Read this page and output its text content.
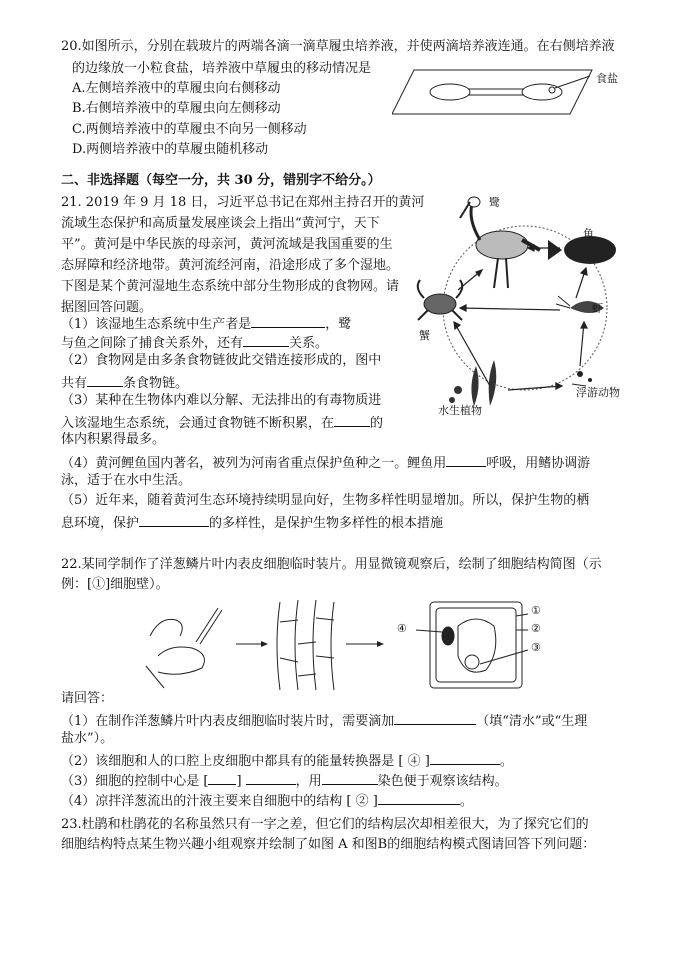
20.如图所示，分别在载玻片的两端各滴一滴草履虫培养液，并使两滴培养液连通。在右侧培养液
的边缘放一小粒食盐，培养液中草履虫的移动情况是
A.左侧培养液中的草履虫向右侧移动
B.右侧培养液中的草履虫向左侧移动
C.两侧培养液中的草履虫不向另一侧移动
D.两侧培养液中的草履虫随机移动
食盐
二、非选择题（每空一分，共 30 分，错别字不给分。）
21. 2019 年 9 月 18 日，习近平总书记在郑州主持召开的黄河
流域生态保护和高质量发展座谈会上指出“黄河宁，天下
平”。黄河是中华民族的母亲河，黄河流域是我国重要的生
态屏障和经济地带。黄河流经河南，沿途形成了多个湿地。
下图是某个黄河湿地生态系统中部分生物形成的食物网。请
据图回答问题。
（1）该湿地生态系统中生产者是	，鹭
与鱼之间除了捕食关系外，还有	关系。
（2）食物网是由多条食物链彼此交错连接形成的，图中
共有	条食物链。
（3）某种在生物体内难以分解、无法排出的有毒物质进
入该湿地生态系统，会通过食物链不断积累，在	的
体内积累得最多。
（4）黄河鲤鱼国内著名，被列为河南省重点保护鱼种之一。鲤鱼用	呼吸，用鳍协调游
泳，适于在水中生活。
（5）近年来，随着黄河生态环境持续明显向好，生物多样性明显增加。所以，保护生物的栖
息环境，保护	的多样性，是保护生物多样性的根本措施
鹭
鱼
虾
蟹
浮游动物
水生植物
22.某同学制作了洋葱鳞片叶内表皮细胞临时装片。用显微镜观察后，绘制了细胞结构简图（示
例：[①]细胞壁）。
①
②
③
④
请回答：
（1）在制作洋葱鳞片叶内表皮细胞临时装片时，需要滴加	（填“清水”或“生理
盐水”）。
（2）该细胞和人的口腔上皮细胞中都具有的能量转换器是 [ ④ ]	。
（3）细胞的控制中心是 [ ]	，用	染色便于观察该结构。
（4）凉拌洋葱流出的汁液主要来自细胞中的结构 [ ② ]	。
23.杜鹃和杜鹃花的名称虽然只有一字之差，但它们的结构层次却相差很大，为了探究它们的
细胞结构特点某生物兴趣小组观察并绘制了如图 A 和图B的细胞结构模式图请回答下列问题：
